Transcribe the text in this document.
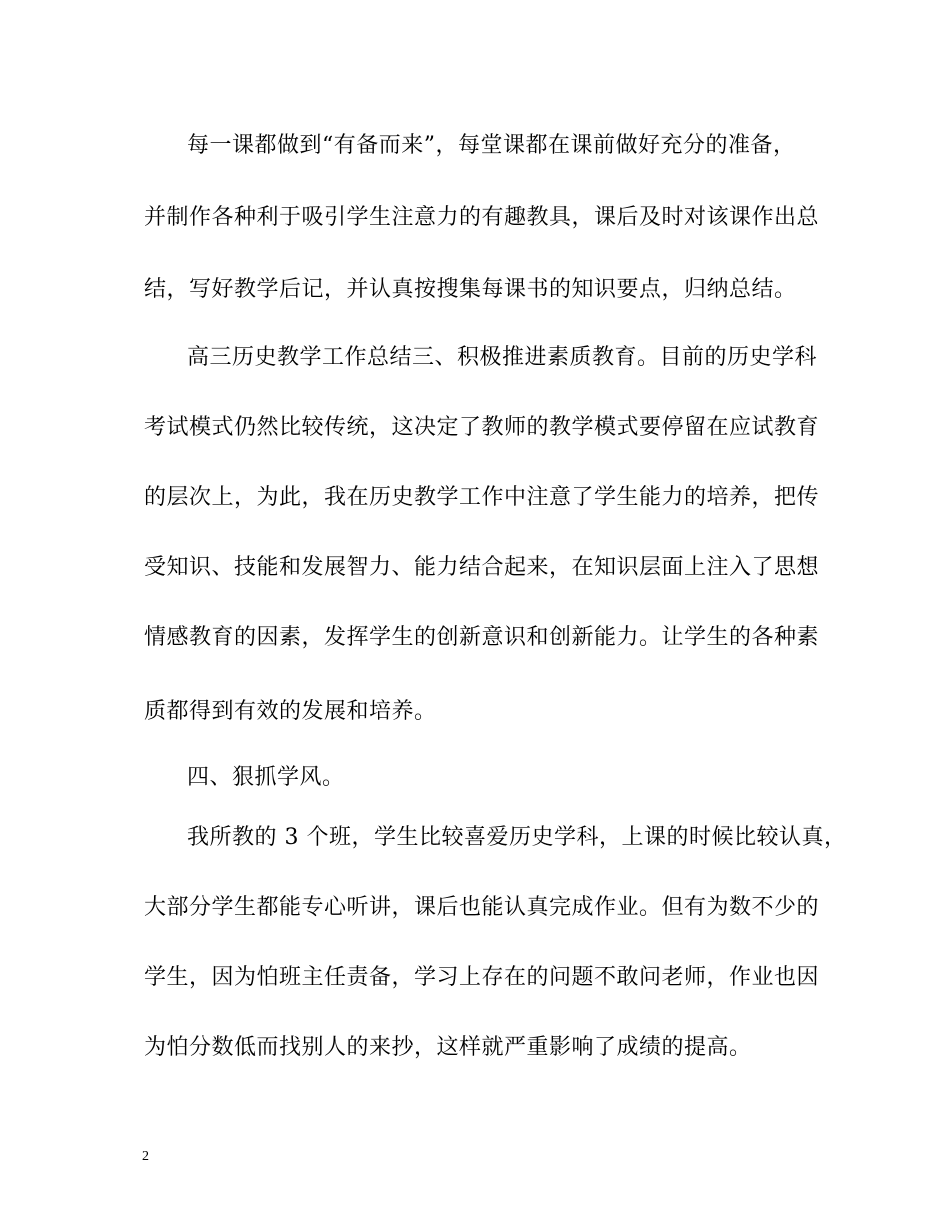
每一课都做到“有备而来”，每堂课都在课前做好充分的准备，
并制作各种利于吸引学生注意力的有趣教具，课后及时对该课作出总
结，写好教学后记，并认真按搜集每课书的知识要点，归纳总结。
高三历史教学工作总结三、积极推进素质教育。目前的历史学科
考试模式仍然比较传统，这决定了教师的教学模式要停留在应试教育
的层次上，为此，我在历史教学工作中注意了学生能力的培养，把传
受知识、技能和发展智力、能力结合起来，在知识层面上注入了思想
情感教育的因素，发挥学生的创新意识和创新能力。让学生的各种素
质都得到有效的发展和培养。
四、狠抓学风。
我所教的 3 个班，学生比较喜爱历史学科，上课的时候比较认真，
大部分学生都能专心听讲，课后也能认真完成作业。但有为数不少的
学生，因为怕班主任责备，学习上存在的问题不敢问老师，作业也因
为怕分数低而找别人的来抄，这样就严重影响了成绩的提高。
2
